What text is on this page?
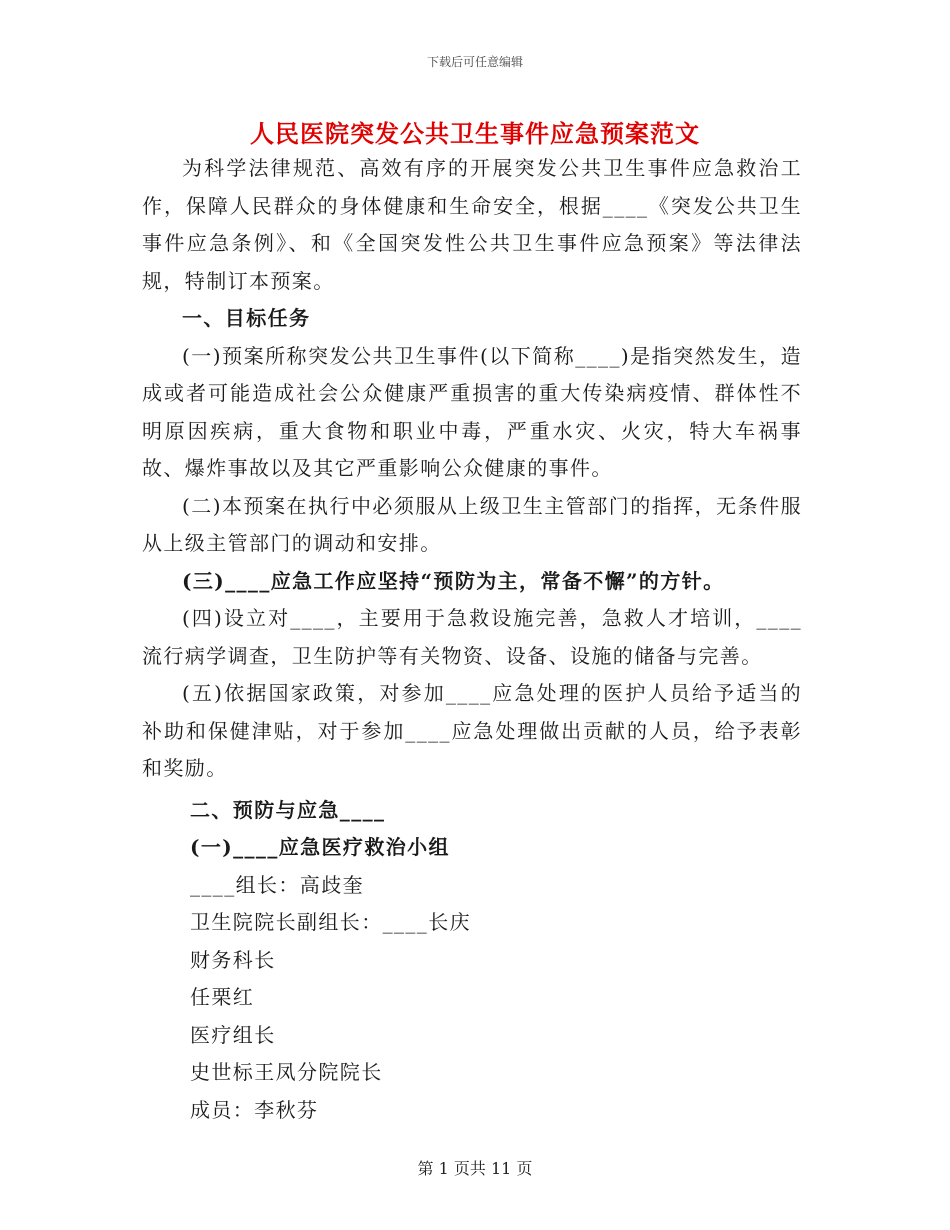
下载后可任意编辑
人民医院突发公共卫生事件应急预案范文

为科学法律规范、高效有序的开展突发公共卫生事件应急救治工作，保障人民群众的身体健康和生命安全，根据____《突发公共卫生事件应急条例》、和《全国突发性公共卫生事件应急预案》等法律法规，特制订本预案。

一、目标任务

(一)预案所称突发公共卫生事件(以下简称____)是指突然发生，造成或者可能造成社会公众健康严重损害的重大传染病疫情、群体性不明原因疾病，重大食物和职业中毒，严重水灾、火灾，特大车祸事故、爆炸事故以及其它严重影响公众健康的事件。

(二)本预案在执行中必须服从上级卫生主管部门的指挥，无条件服从上级主管部门的调动和安排。

(三)____应急工作应坚持“预防为主，常备不懈”的方针。

(四)设立对____，主要用于急救设施完善，急救人才培训，____流行病学调查，卫生防护等有关物资、设备、设施的储备与完善。

(五)依据国家政策，对参加____应急处理的医护人员给予适当的补助和保健津贴，对于参加____应急处理做出贡献的人员，给予表彰和奖励。

二、预防与应急____

(一)____应急医疗救治小组

____组长：高歧奎

卫生院院长副组长：____长庆

财务科长

任栗红

医疗组长

史世标王凤分院院长

成员：李秋芬

第 1 页共 11 页
